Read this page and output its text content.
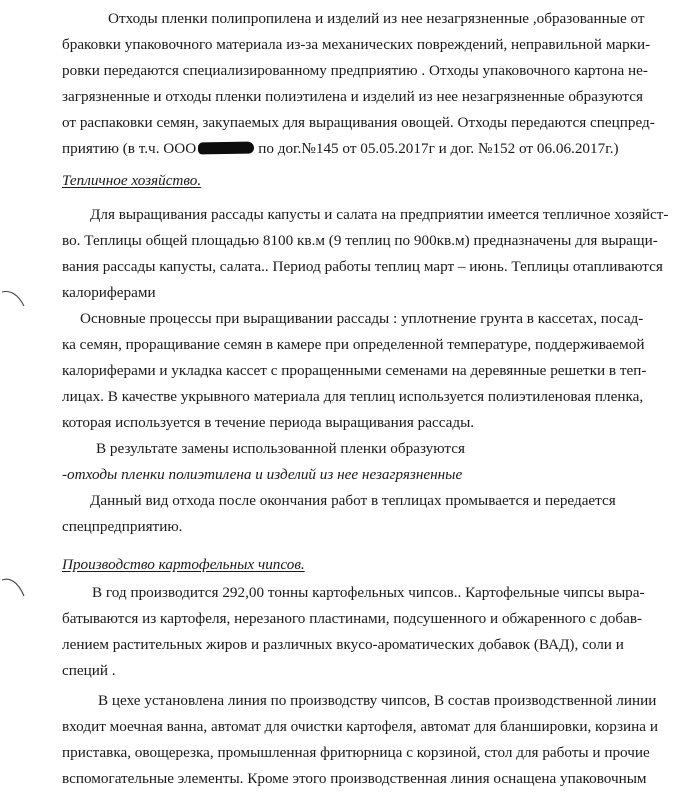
Отходы пленки полипропилена и изделий из нее незагрязненные ,образованные от
браковки упаковочного материала из-за механических повреждений, неправильной марки-
ровки передаются специализированному предприятию . Отходы упаковочного картона не-
загрязненные и отходы пленки полиэтилена и изделий из нее незагрязненные образуются
от распаковки семян, закупаемых для выращивания овощей. Отходы передаются спецпред-
приятию (в т.ч. ООО	по дог.№145 от 05.05.2017г и дог. №152 от 06.06.2017г.)
Тепличное хозяйство.
Для выращивания рассады капусты и салата на предприятии имеется тепличное хозяйст-
во. Теплицы общей площадью 8100 кв.м (9 теплиц по 900кв.м) предназначены для выращи-
вания рассады капусты, салата.. Период работы теплиц март – июнь. Теплицы отапливаются
калориферами
Основные процессы при выращивании рассады : уплотнение грунта в кассетах, посад-
ка семян, проращивание семян в камере при определенной температуре, поддерживаемой
калориферами и укладка кассет с проращенными семенами на деревянные решетки в теп-
лицах. В качестве укрывного материала для теплиц используется полиэтиленовая пленка,
которая используется в течение периода выращивания рассады.
В результате замены использованной пленки образуются
-отходы пленки полиэтилена и изделий из нее незагрязненные
Данный вид отхода после окончания работ в теплицах промывается и передается
спецпредприятию.
Производство картофельных чипсов.
В год производится 292,00 тонны картофельных чипсов.. Картофельные чипсы выра-
батываются из картофеля, нерезаного пластинами, подсушенного и обжаренного с добав-
лением растительных жиров и различных вкусо-ароматических добавок (ВАД), соли и
специй .
В цехе установлена линия по производству чипсов, В состав производственной линии
входит моечная ванна, автомат для очистки картофеля, автомат для бланшировки, корзина и
приставка, овощерезка, промышленная фритюрница с корзиной, стол для работы и прочие
вспомогательные элементы. Кроме этого производственная линия оснащена упаковочным
